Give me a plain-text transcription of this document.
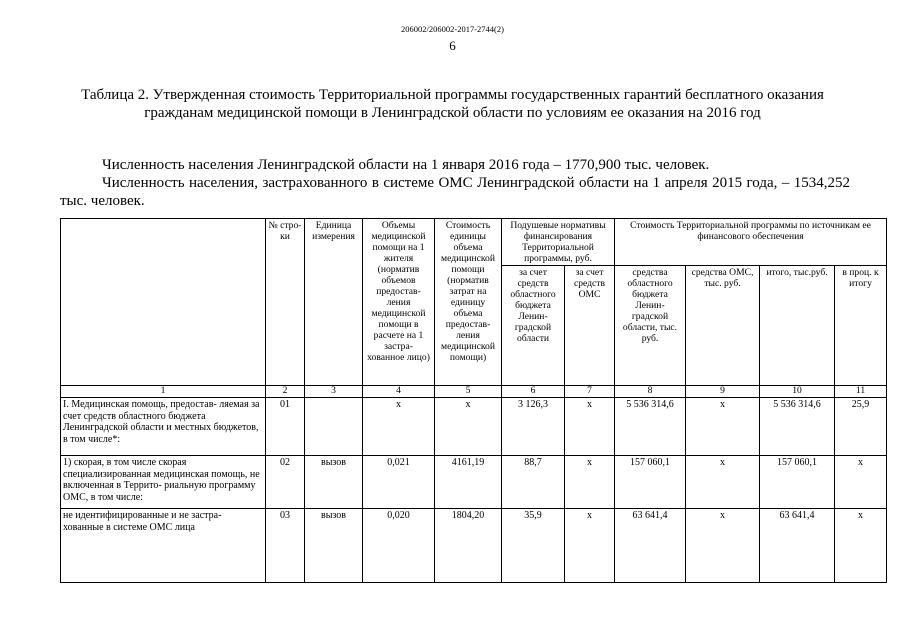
206002/206002-2017-2744(2)
6
Таблица 2. Утвержденная стоимость Территориальной программы государственных гарантий бесплатного оказания
гражданам медицинской помощи в Ленинградской области по условиям ее оказания на 2016 год
Численность населения Ленинградской области на 1 января 2016 года – 1770,900 тыс. человек.
Численность населения, застрахованного в системе ОМС Ленинградской области на 1 апреля 2015 года, – 1534,252 тыс. человек.
	№ стро- ки	Единица измерения	Объемы медицинской помощи на 1 жителя (норматив объемов предостав- ления медицинской помощи в расчете на 1 застра- хованное лицо)	Стоимость единицы объема медицинской помощи (норматив затрат на единицу объема предостав- ления медицинской помощи)	Подушевые нормативы финансирования Территориальной программы, руб.		Стоимость Территориальной программы по источникам ее финансового обеспечения			
					за счет средств областного бюджета Ленин- градской области	за счет средств ОМС	средства областного бюджета Ленин- градской области, тыс. руб.	средства ОМС, тыс. руб.	итого, тыс.руб.	в проц. к итогу
1	2	3	4	5	6	7	8	9	10	11
I. Медицинская помощь, предостав- ляемая за счет средств областного бюджета Ленинградской области и местных бюджетов, в том числе*:	01		х	х	3 126,3	х	5 536 314,6	х	5 536 314,6	25,9
1) скорая, в том числе скорая специализированная медицинская помощь, не включенная в Террито- риальную программу ОМС, в том числе:	02	вызов	0,021	4161,19	88,7	х	157 060,1	х	157 060,1	х
не идентифицированные и не застра- хованные в системе ОМС лица	03	вызов	0,020	1804,20	35,9	х	63 641,4	х	63 641,4	х
